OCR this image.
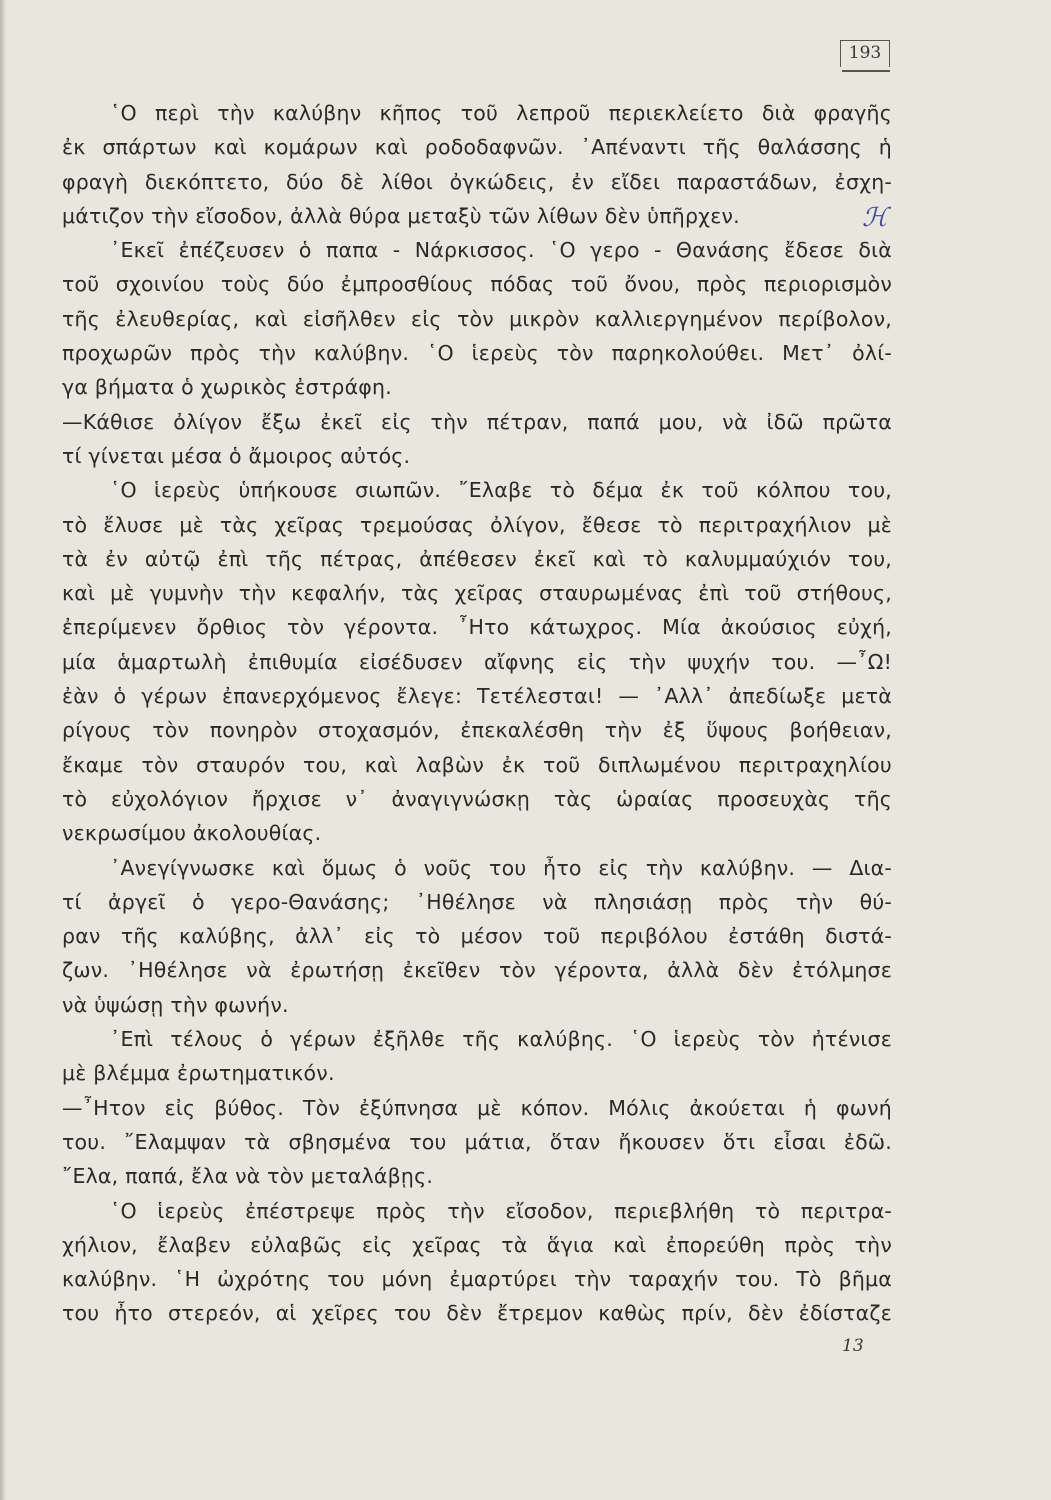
193
ℋ
῾Ο περὶ τὴν καλύβην κῆπος τοῦ λεπροῦ περιεκλείετο διὰ φραγῆς
ἐκ σπάρτων καὶ κομάρων καὶ ροδοδαφνῶν. ᾿Απέναντι τῆς θαλάσσης ἡ
φραγὴ διεκόπτετο, δύο δὲ λίθοι ὀγκώδεις, ἐν εἴδει παραστάδων, ἐσχη-
μάτιζον τὴν εἴσοδον, ἀλλὰ θύρα μεταξὺ τῶν λίθων δὲν ὑπῆρχεν.
᾿Εκεῖ ἐπέζευσεν ὁ παπα - Νάρκισσος. ῾Ο γερο - Θανάσης ἔδεσε διὰ
τοῦ σχοινίου τοὺς δύο ἐμπροσθίους πόδας τοῦ ὄνου, πρὸς περιορισμὸν
τῆς ἐλευθερίας, καὶ εἰσῆλθεν εἰς τὸν μικρὸν καλλιεργημένον περίβολον,
προχωρῶν πρὸς τὴν καλύβην. ῾Ο ἱερεὺς τὸν παρηκολούθει. Μετ᾿ ὀλί-
γα βήματα ὁ χωρικὸς ἐστράφη.
—Κάθισε ὀλίγον ἔξω ἐκεῖ εἰς τὴν πέτραν, παπά μου, νὰ ἰδῶ πρῶτα
τί γίνεται μέσα ὁ ἄμοιρος αὐτός.
῾Ο ἱερεὺς ὑπήκουσε σιωπῶν. ῎Ελαβε τὸ δέμα ἐκ τοῦ κόλπου του,
τὸ ἔλυσε μὲ τὰς χεῖρας τρεμούσας ὀλίγον, ἔθεσε τὸ περιτραχήλιον μὲ
τὰ ἐν αὐτῷ ἐπὶ τῆς πέτρας, ἀπέθεσεν ἐκεῖ καὶ τὸ καλυμμαύχιόν του,
καὶ μὲ γυμνὴν τὴν κεφαλήν, τὰς χεῖρας σταυρωμένας ἐπὶ τοῦ στήθους,
ἐπερίμενεν ὄρθιος τὸν γέροντα. ῏Ητο κάτωχρος. Μία ἀκούσιος εὐχή,
μία ἁμαρτωλὴ ἐπιθυμία εἰσέδυσεν αἴφνης εἰς τὴν ψυχήν του. —῏Ω!
ἐὰν ὁ γέρων ἐπανερχόμενος ἔλεγε: Τετέλεσται! — ᾿Αλλ᾿ ἀπεδίωξε μετὰ
ρίγους τὸν πονηρὸν στοχασμόν, ἐπεκαλέσθη τὴν ἐξ ὕψους βοήθειαν,
ἔκαμε τὸν σταυρόν του, καὶ λαβὼν ἐκ τοῦ διπλωμένου περιτραχηλίου
τὸ εὐχολόγιον ἤρχισε ν᾿ ἀναγιγνώσκῃ τὰς ὡραίας προσευχὰς τῆς
νεκρωσίμου ἀκολουθίας.
᾿Ανεγίγνωσκε καὶ ὅμως ὁ νοῦς του ἦτο εἰς τὴν καλύβην. — Δια-
τί ἀργεῖ ὁ γερο-Θανάσης; ᾿Ηθέλησε νὰ πλησιάσῃ πρὸς τὴν θύ-
ραν τῆς καλύβης, ἀλλ᾿ εἰς τὸ μέσον τοῦ περιβόλου ἐστάθη διστά-
ζων. ᾿Ηθέλησε νὰ ἐρωτήσῃ ἐκεῖθεν τὸν γέροντα, ἀλλὰ δὲν ἐτόλμησε
νὰ ὑψώσῃ τὴν φωνήν.
᾿Επὶ τέλους ὁ γέρων ἐξῆλθε τῆς καλύβης. ῾Ο ἱερεὺς τὸν ἠτένισε
μὲ βλέμμα ἐρωτηματικόν.
—῏Ητον εἰς βύθος. Τὸν ἐξύπνησα μὲ κόπον. Μόλις ἀκούεται ἡ φωνή
του. ῎Ελαμψαν τὰ σβησμένα του μάτια, ὅταν ἤκουσεν ὅτι εἶσαι ἐδῶ.
῎Ελα, παπά, ἔλα νὰ τὸν μεταλάβῃς.
῾Ο ἱερεὺς ἐπέστρεψε πρὸς τὴν εἴσοδον, περιεβλήθη τὸ περιτρα-
χήλιον, ἔλαβεν εὐλαβῶς εἰς χεῖρας τὰ ἅγια καὶ ἐπορεύθη πρὸς τὴν
καλύβην. ῾Η ὠχρότης του μόνη ἐμαρτύρει τὴν ταραχήν του. Τὸ βῆμα
του ἦτο στερεόν, αἱ χεῖρες του δὲν ἔτρεμον καθὼς πρίν, δὲν ἐδίσταζε
13
